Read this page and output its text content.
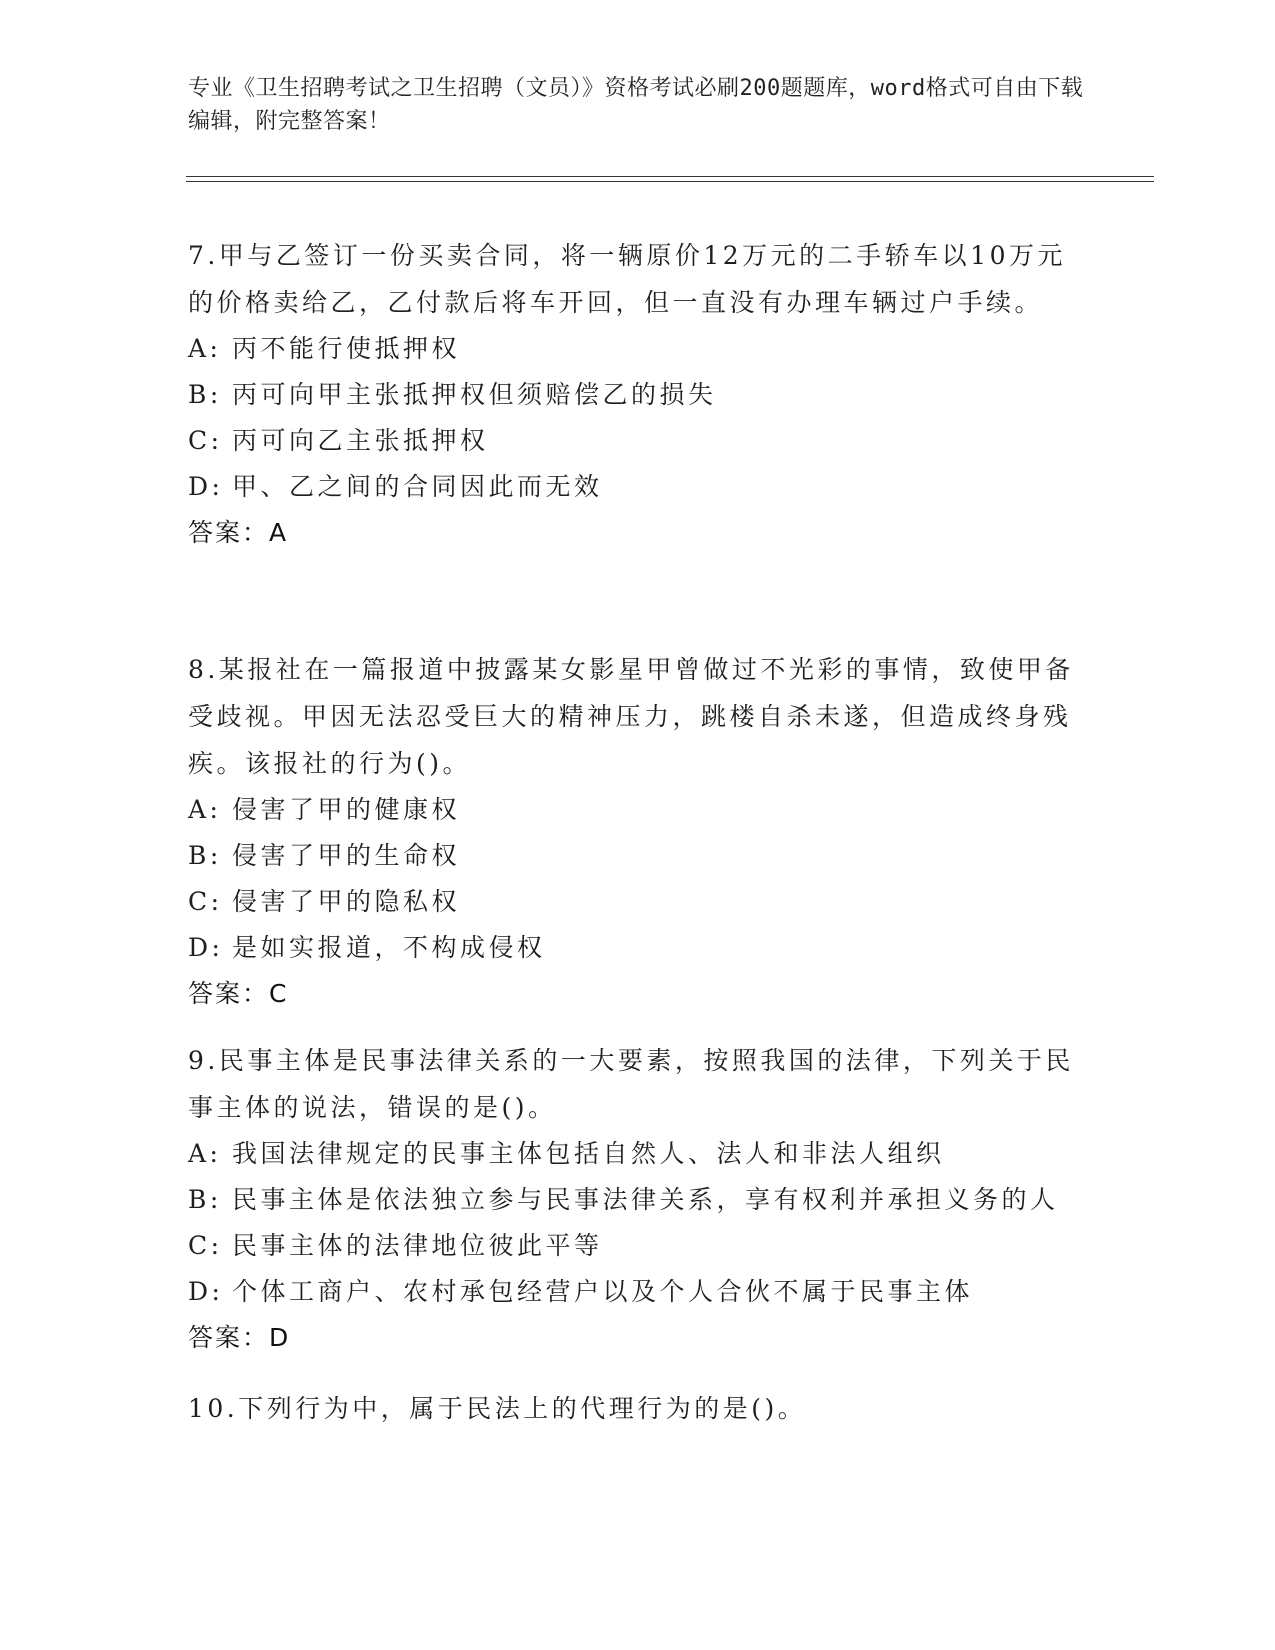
专业《卫生招聘考试之卫生招聘（文员）》资格考试必刷200题题库，word格式可自由下载编辑，附完整答案！
7.甲与乙签订一份买卖合同，将一辆原价12万元的二手轿车以10万元的价格卖给乙，乙付款后将车开回，但一直没有办理车辆过户手续。
A: 丙不能行使抵押权
B: 丙可向甲主张抵押权但须赔偿乙的损失
C: 丙可向乙主张抵押权
D: 甲、乙之间的合同因此而无效
答案：A
8.某报社在一篇报道中披露某女影星甲曾做过不光彩的事情，致使甲备受歧视。甲因无法忍受巨大的精神压力，跳楼自杀未遂，但造成终身残疾。该报社的行为()。
A: 侵害了甲的健康权
B: 侵害了甲的生命权
C: 侵害了甲的隐私权
D: 是如实报道，不构成侵权
答案：C
9.民事主体是民事法律关系的一大要素，按照我国的法律，下列关于民事主体的说法，错误的是()。
A: 我国法律规定的民事主体包括自然人、法人和非法人组织
B: 民事主体是依法独立参与民事法律关系，享有权利并承担义务的人
C: 民事主体的法律地位彼此平等
D: 个体工商户、农村承包经营户以及个人合伙不属于民事主体
答案：D
10.下列行为中，属于民法上的代理行为的是()。
